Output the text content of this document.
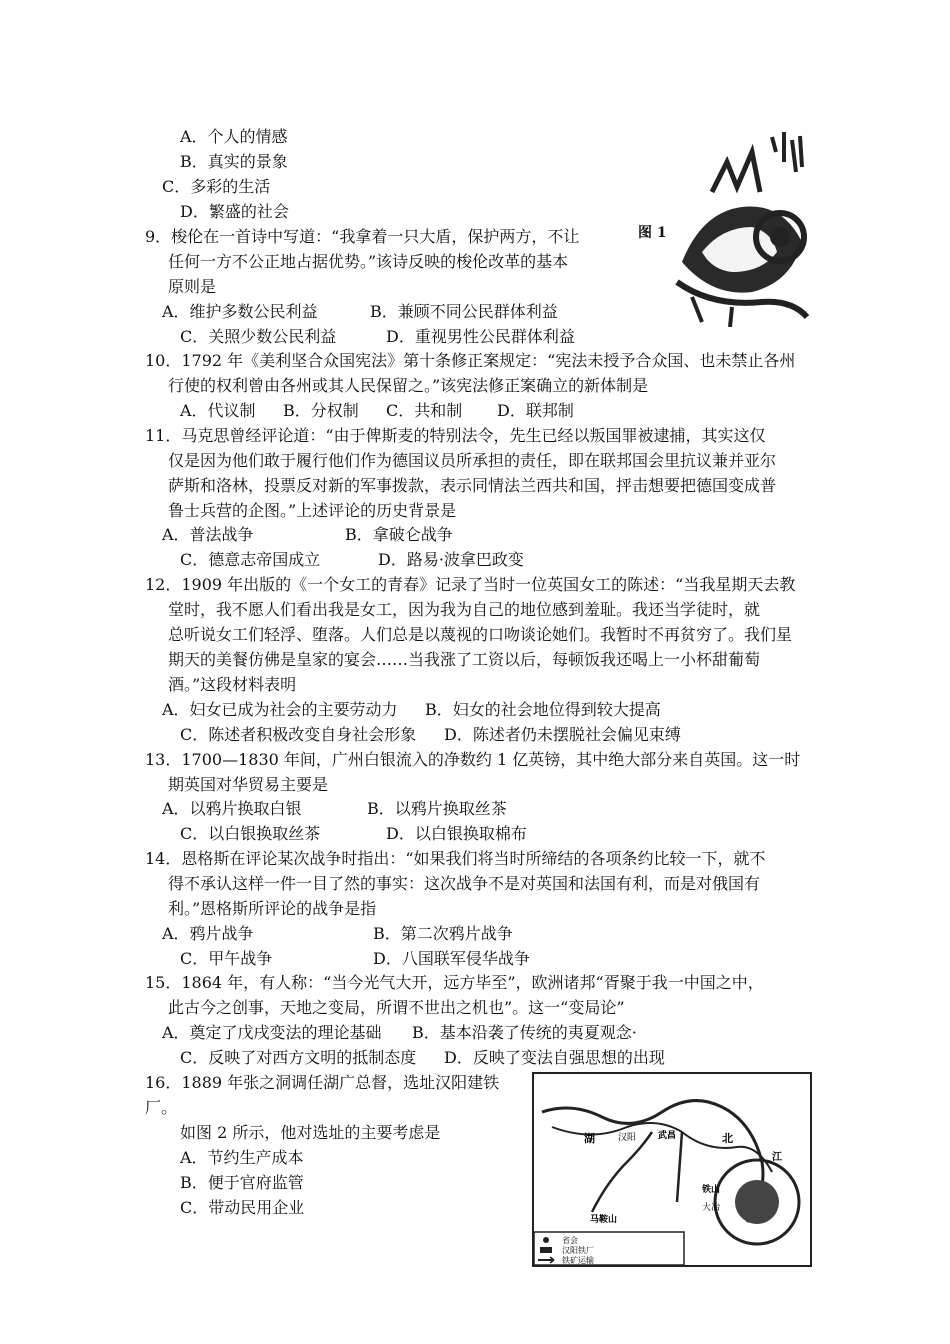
A．个人的情感
B．真实的景象
C．多彩的生活
D．繁盛的社会
9．梭伦在一首诗中写道：“我拿着一只大盾，保护两方，不让
任何一方不公正地占据优势。”该诗反映的梭伦改革的基本
原则是
A．维护多数公民利益	B．兼顾不同公民群体利益
C．关照少数公民利益	D．重视男性公民群体利益
图 1
10．1792 年《美利坚合众国宪法》第十条修正案规定：“宪法未授予合众国、也未禁止各州
行使的权利曾由各州或其人民保留之。”该宪法修正案确立的新体制是
A．代议制 B．分权制 C．共和制 D．联邦制
11．马克思曾经评论道：“由于俾斯麦的特别法令，先生已经以叛国罪被逮捕，其实这仅
仅是因为他们敢于履行他们作为德国议员所承担的责任，即在联邦国会里抗议兼并亚尔
萨斯和洛林，投票反对新的军事拨款，表示同情法兰西共和国，抨击想要把德国变成普
鲁士兵营的企图。”上述评论的历史背景是
A．普法战争	B．拿破仑战争
C．德意志帝国成立	D．路易·波拿巴政变
12．1909 年出版的《一个女工的青春》记录了当时一位英国女工的陈述：“当我星期天去教
堂时，我不愿人们看出我是女工，因为我为自己的地位感到羞耻。我还当学徒时，就
总听说女工们轻浮、堕落。人们总是以蔑视的口吻谈论她们。我暂时不再贫穷了。我们星
期天的美餐仿佛是皇家的宴会……当我涨了工资以后，每顿饭我还喝上一小杯甜葡萄
酒。”这段材料表明
A．妇女已成为社会的主要劳动力 B．妇女的社会地位得到较大提高
C．陈述者积极改变自身社会形象 D．陈述者仍未摆脱社会偏见束缚
13．1700—1830 年间，广州白银流入的净数约 1 亿英镑，其中绝大部分来自英国。这一时
期英国对华贸易主要是
A．以鸦片换取白银	B．以鸦片换取丝茶
C．以白银换取丝茶	D．以白银换取棉布
14．恩格斯在评论某次战争时指出：“如果我们将当时所缔结的各项条约比较一下，就不
得不承认这样一件一目了然的事实：这次战争不是对英国和法国有利，而是对俄国有
利。”恩格斯所评论的战争是指
A．鸦片战争	B．第二次鸦片战争
C．甲午战争	D．八国联军侵华战争
15．1864 年，有人称：“当今光气大开，远方毕至”，欧洲诸邦“胥聚于我一中国之中，
此古今之创事，天地之变局，所谓不世出之机也”。这一“变局论”
A．奠定了戊戌变法的理论基础 B．基本沿袭了传统的夷夏观念·
C．反映了对西方文明的抵制态度 D．反映了变法自强思想的出现
16．1889 年张之洞调任湖广总督，选址汉阳建铁
厂。
如图 2 所示，他对选址的主要考虑是
A．节约生产成本
B．便于官府监管
C．带动民用企业
湖	汉阳 武昌	北
江
马鞍山
大冶
铁山
省会
汉阳铁厂
铁矿运输
